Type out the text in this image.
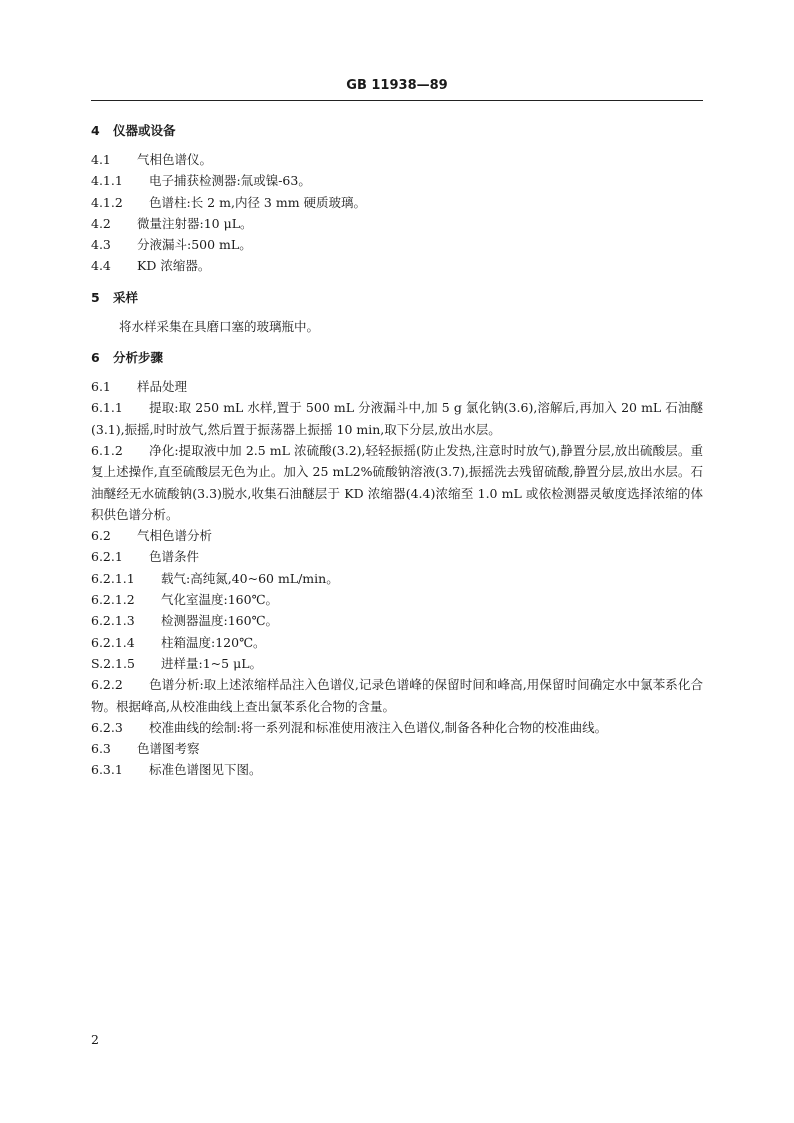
GB 11938—89
4 仪器或设备
4.1 气相色谱仪。
4.1.1 电子捕获检测器:氚或镍-63。
4.1.2 色谱柱:长 2 m,内径 3 mm 硬质玻璃。
4.2 微量注射器:10 μL。
4.3 分液漏斗:500 mL。
4.4 KD 浓缩器。
5 采样
将水样采集在具磨口塞的玻璃瓶中。
6 分析步骤
6.1 样品处理
6.1.1 提取:取 250 mL 水样,置于 500 mL 分液漏斗中,加 5 g 氯化钠(3.6),溶解后,再加入 20 mL 石油醚(3.1),振摇,时时放气,然后置于振荡器上振摇 10 min,取下分层,放出水层。
6.1.2 净化:提取液中加 2.5 mL 浓硫酸(3.2),轻轻振摇(防止发热,注意时时放气),静置分层,放出硫酸层。重复上述操作,直至硫酸层无色为止。加入 25 mL2%硫酸钠溶液(3.7),振摇洗去残留硫酸,静置分层,放出水层。石油醚经无水硫酸钠(3.3)脱水,收集石油醚层于 KD 浓缩器(4.4)浓缩至 1.0 mL 或依检测器灵敏度选择浓缩的体积供色谱分析。
6.2 气相色谱分析
6.2.1 色谱条件
6.2.1.1 载气:高纯氮,40~60 mL/min。
6.2.1.2 气化室温度:160℃。
6.2.1.3 检测器温度:160℃。
6.2.1.4 柱箱温度:120℃。
S.2.1.5 进样量:1~5 μL。
6.2.2 色谱分析:取上述浓缩样品注入色谱仪,记录色谱峰的保留时间和峰高,用保留时间确定水中氯苯系化合物。根据峰高,从校准曲线上查出氯苯系化合物的含量。
6.2.3 校准曲线的绘制:将一系列混和标准使用液注入色谱仪,制备各种化合物的校准曲线。
6.3 色谱图考察
6.3.1 标准色谱图见下图。
2
